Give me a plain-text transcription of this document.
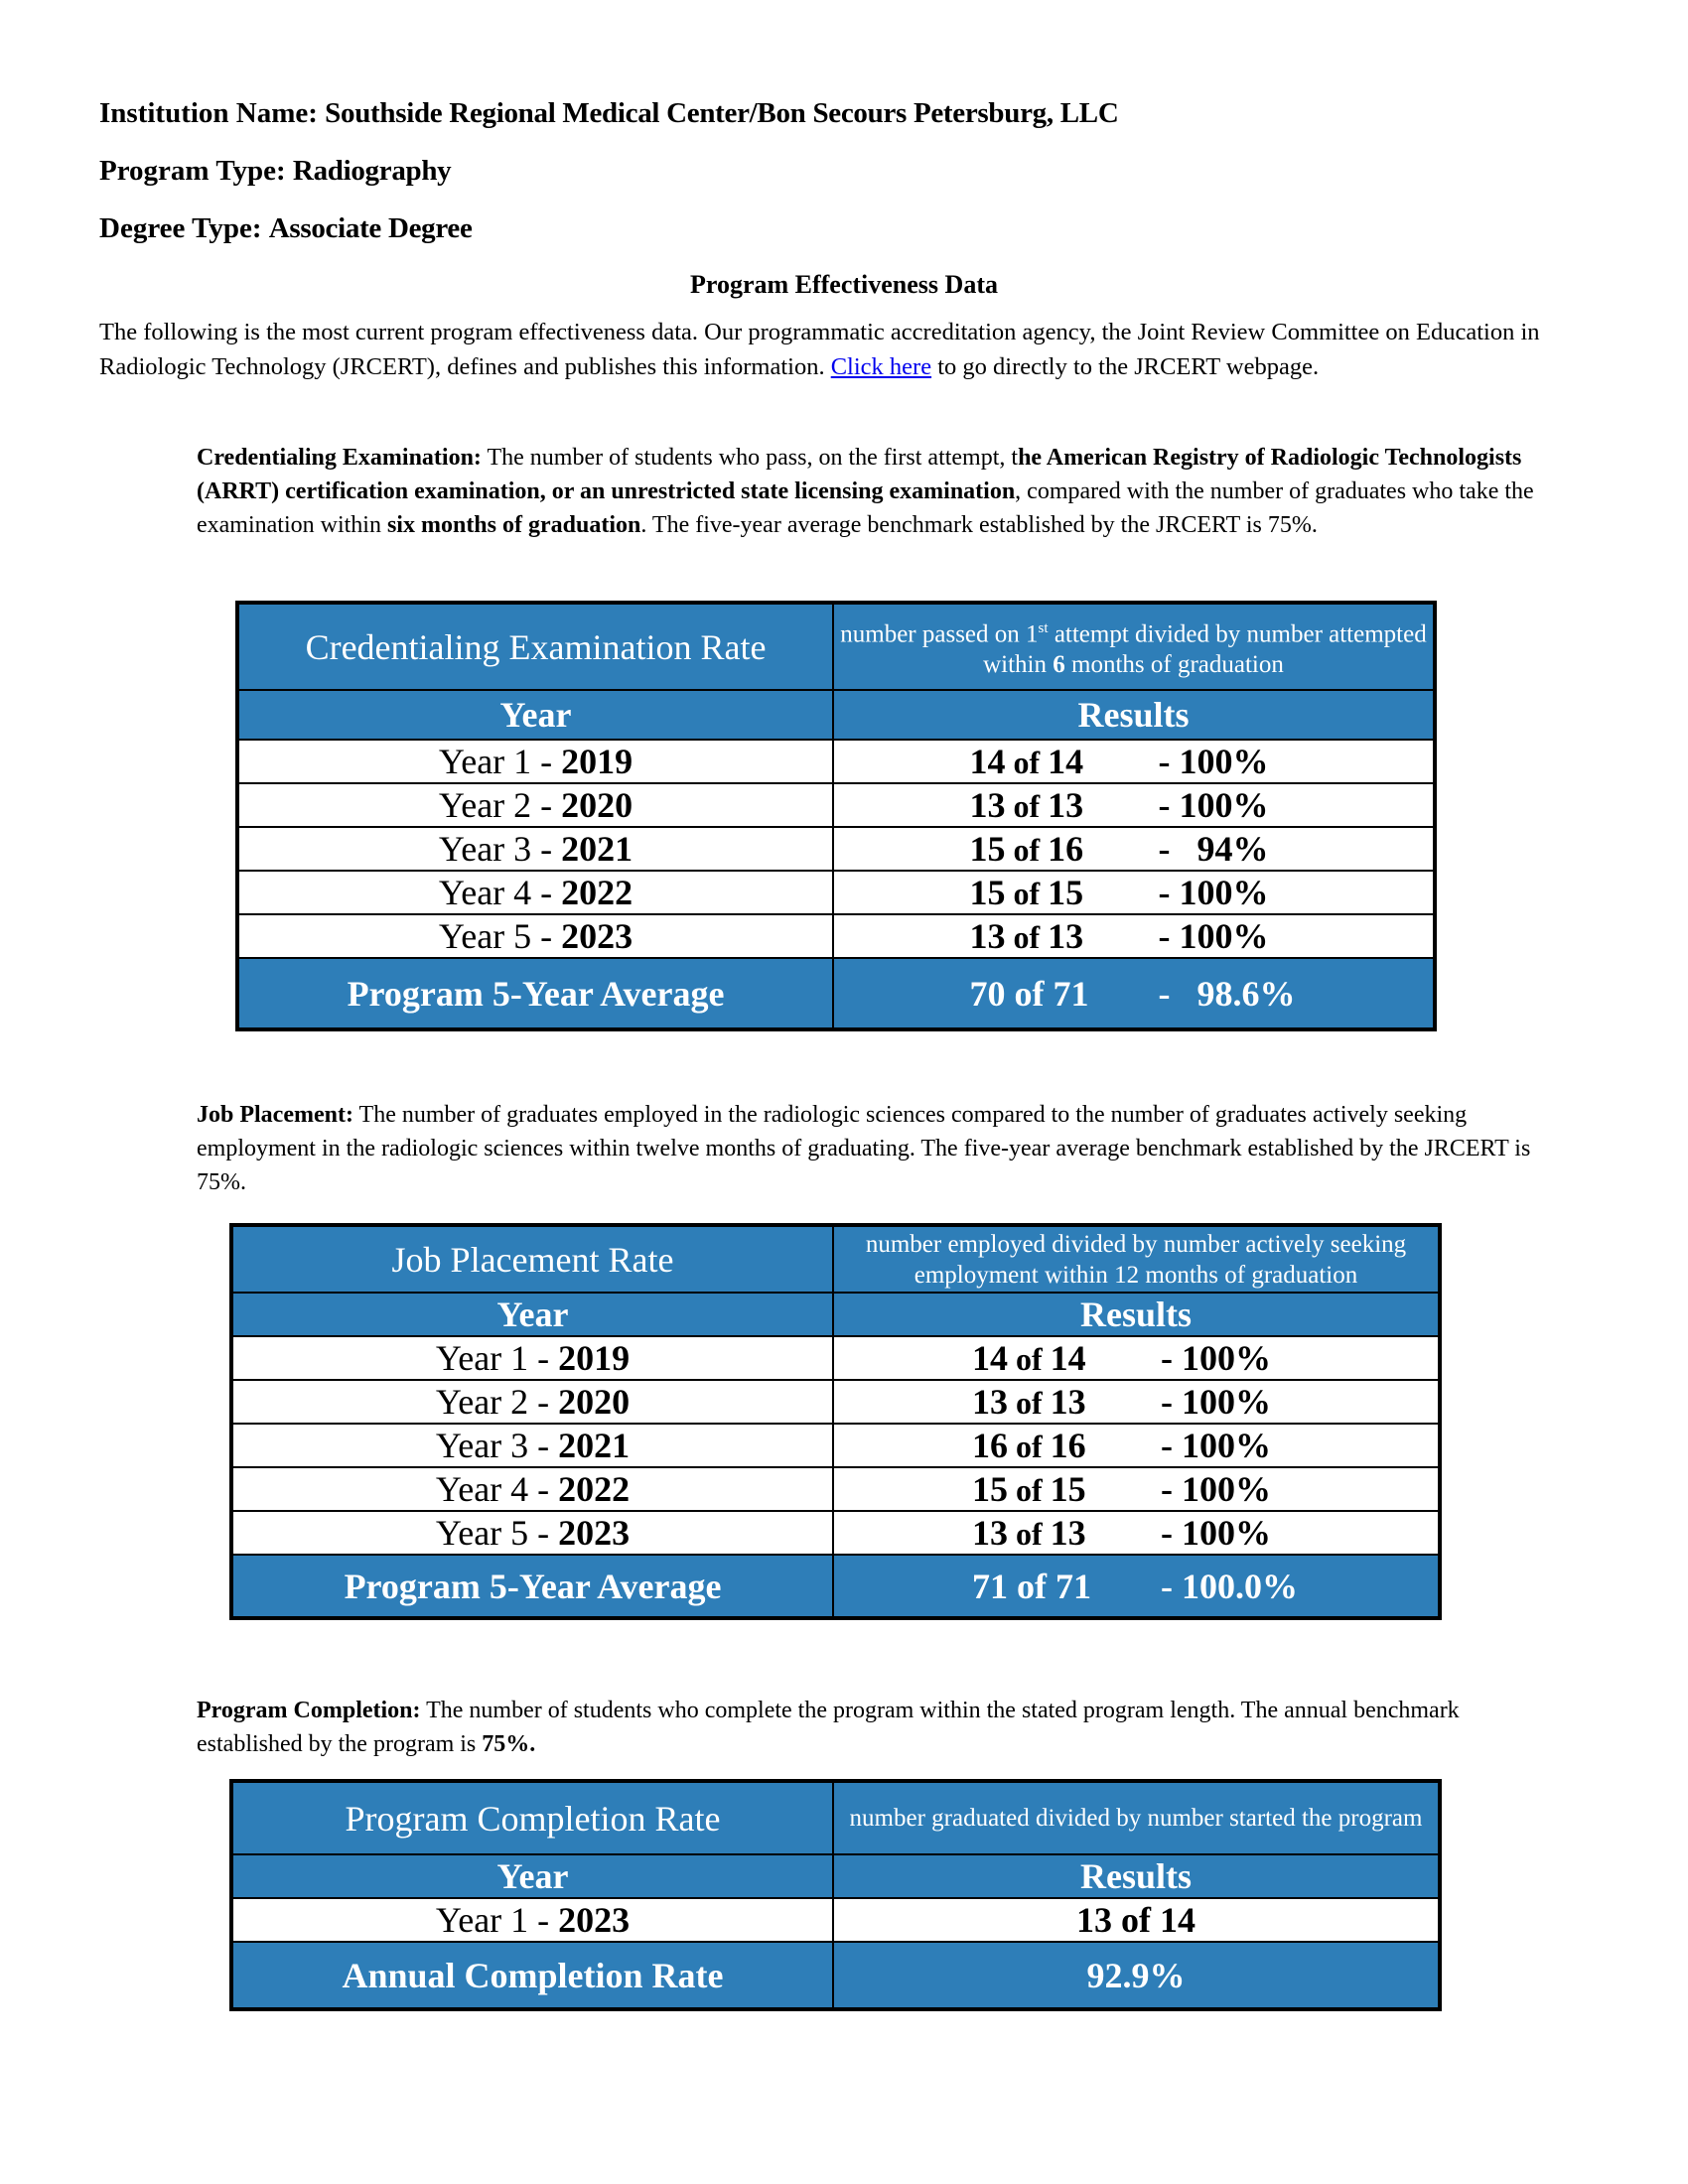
Institution Name: Southside Regional Medical Center/Bon Secours Petersburg, LLC
Program Type: Radiography
Degree Type: Associate Degree
Program Effectiveness Data
The following is the most current program effectiveness data. Our programmatic accreditation agency, the Joint Review Committee on Education in Radiologic Technology (JRCERT), defines and publishes this information. Click here to go directly to the JRCERT webpage.
Credentialing Examination: The number of students who pass, on the first attempt, the American Registry of Radiologic Technologists (ARRT) certification examination, or an unrestricted state licensing examination, compared with the number of graduates who take the examination within six months of graduation. The five-year average benchmark established by the JRCERT is 75%.
Credentialing Examination Rate	number passed on 1st attempt divided by number attempted within 6 months of graduation
Year	Results
Year 1 - 2019	14 of 14 - 100%
Year 2 - 2020	13 of 13 - 100%
Year 3 - 2021	15 of 16 -   94%
Year 4 - 2022	15 of 15 - 100%
Year 5 - 2023	13 of 13 - 100%
Program 5-Year Average	70 of 71 -   98.6%
Job Placement: The number of graduates employed in the radiologic sciences compared to the number of graduates actively seeking employment in the radiologic sciences within twelve months of graduating. The five-year average benchmark established by the JRCERT is 75%.
Job Placement Rate	number employed divided by number actively seeking employment within 12 months of graduation
Year	Results
Year 1 - 2019	14 of 14 - 100%
Year 2 - 2020	13 of 13 - 100%
Year 3 - 2021	16 of 16 - 100%
Year 4 - 2022	15 of 15 - 100%
Year 5 - 2023	13 of 13 - 100%
Program 5-Year Average	71 of 71 - 100.0%
Program Completion: The number of students who complete the program within the stated program length. The annual benchmark established by the program is 75%.
Program Completion Rate	number graduated divided by number started the program
Year	Results
Year 1 - 2023	13 of 14
Annual Completion Rate	92.9%
